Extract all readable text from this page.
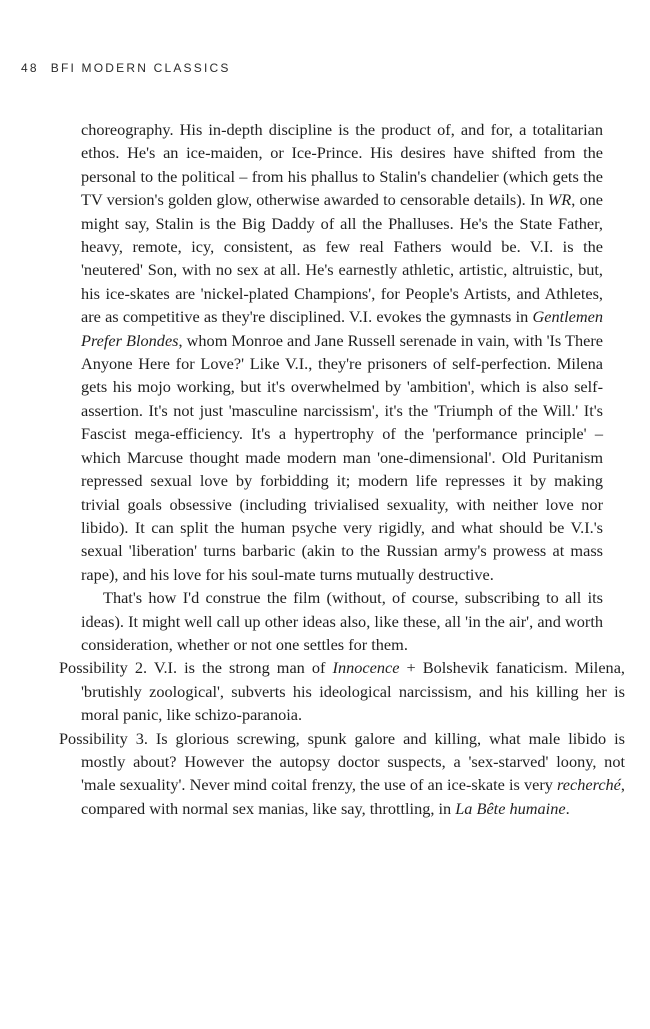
48 BFI MODERN CLASSICS

choreography. His in-depth discipline is the product of, and for, a totalitarian ethos. He's an ice-maiden, or Ice-Prince. His desires have shifted from the personal to the political – from his phallus to Stalin's chandelier (which gets the TV version's golden glow, otherwise awarded to censorable details). In WR, one might say, Stalin is the Big Daddy of all the Phalluses. He's the State Father, heavy, remote, icy, consistent, as few real Fathers would be. V.I. is the 'neutered' Son, with no sex at all. He's earnestly athletic, artistic, altruistic, but, his ice-skates are 'nickel-plated Champions', for People's Artists, and Athletes, are as competitive as they're disciplined. V.I. evokes the gymnasts in Gentlemen Prefer Blondes, whom Monroe and Jane Russell serenade in vain, with 'Is There Anyone Here for Love?' Like V.I., they're prisoners of self-perfection. Milena gets his mojo working, but it's overwhelmed by 'ambition', which is also self-assertion. It's not just 'masculine narcissism', it's the 'Triumph of the Will.' It's Fascist mega-efficiency. It's a hypertrophy of the 'performance principle' – which Marcuse thought made modern man 'one-dimensional'. Old Puritanism repressed sexual love by forbidding it; modern life represses it by making trivial goals obsessive (including trivialised sexuality, with neither love nor libido). It can split the human psyche very rigidly, and what should be V.I.'s sexual 'liberation' turns barbaric (akin to the Russian army's prowess at mass rape), and his love for his soul-mate turns mutually destructive.

That's how I'd construe the film (without, of course, subscribing to all its ideas). It might well call up other ideas also, like these, all 'in the air', and worth consideration, whether or not one settles for them.

Possibility 2. V.I. is the strong man of Innocence + Bolshevik fanaticism. Milena, 'brutishly zoological', subverts his ideological narcissism, and his killing her is moral panic, like schizo-paranoia.

Possibility 3. Is glorious screwing, spunk galore and killing, what male libido is mostly about? However the autopsy doctor suspects, a 'sex-starved' loony, not 'male sexuality'. Never mind coital frenzy, the use of an ice-skate is very recherché, compared with normal sex manias, like say, throttling, in La Bête humaine.
